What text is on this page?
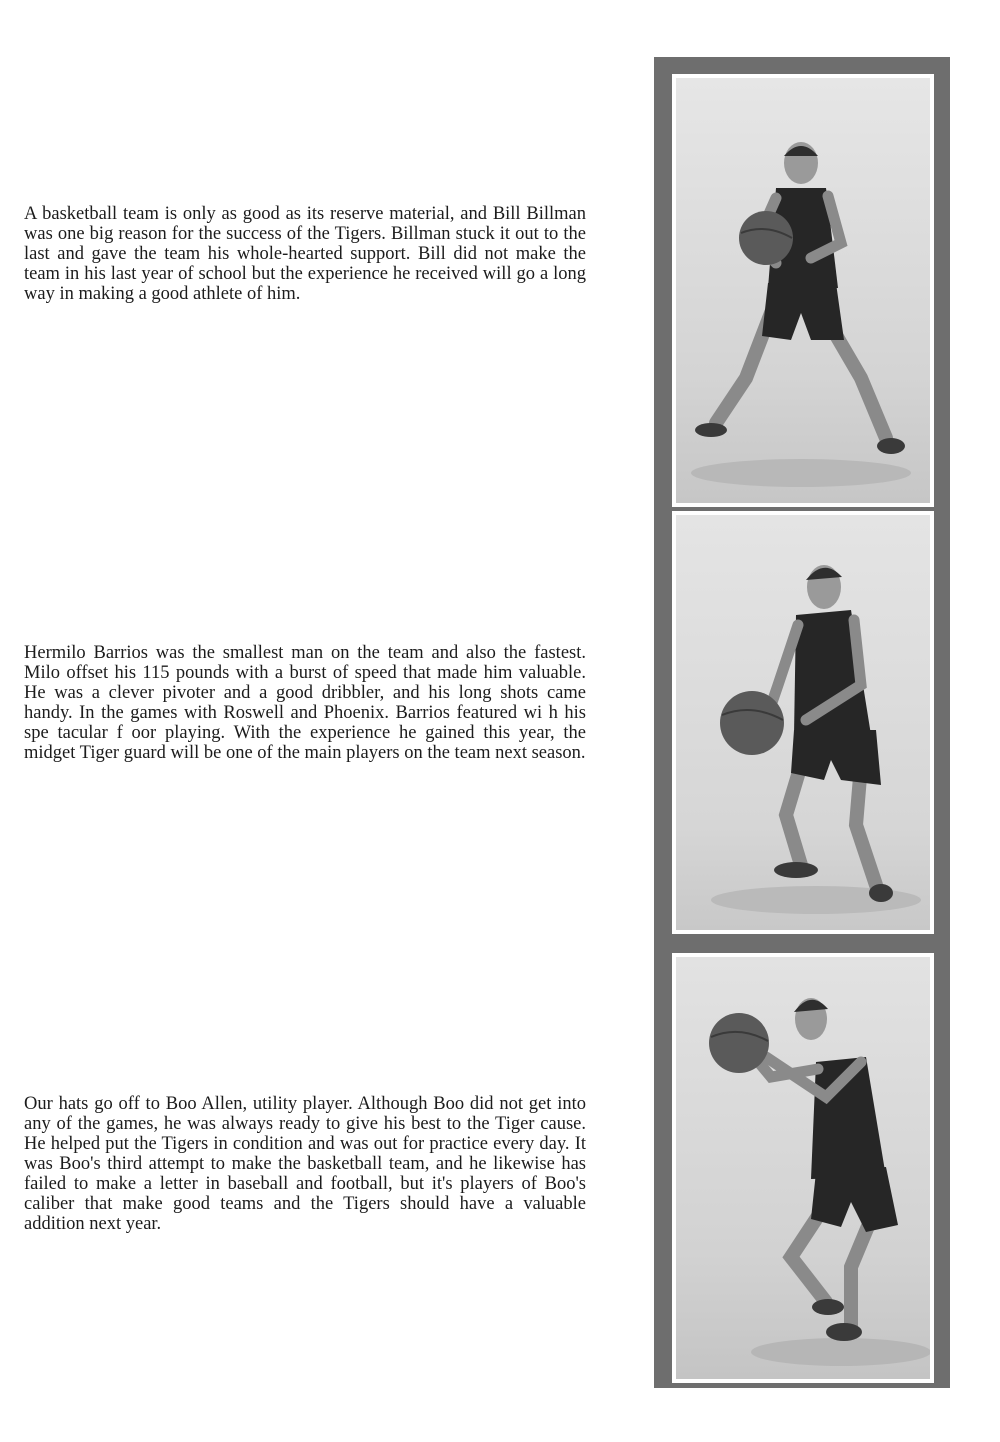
A basketball team is only as good as its reserve material, and Bill Billman was one big reason for the success of the Tigers. Billman stuck it out to the last and gave the team his whole-hearted support. Bill did not make the team in his last year of school but the experience he received will go a long way in making a good athlete of him.
Hermilo Barrios was the smallest man on the team and also the fastest. Milo offset his 115 pounds with a burst of speed that made him valuable. He was a clever pivoter and a good dribbler, and his long shots came handy. In the games with Roswell and Phoenix. Barrios featured wi h his spe tacular f oor playing. With the experience he gained this year, the midget Tiger guard will be one of the main players on the team next season.
Our hats go off to Boo Allen, utility player. Although Boo did not get into any of the games, he was always ready to give his best to the Tiger cause. He helped put the Tigers in condition and was out for practice every day. It was Boo's third attempt to make the basketball team, and he likewise has failed to make a letter in baseball and football, but it's players of Boo's caliber that make good teams and the Tigers should have a valuable addition next year.
